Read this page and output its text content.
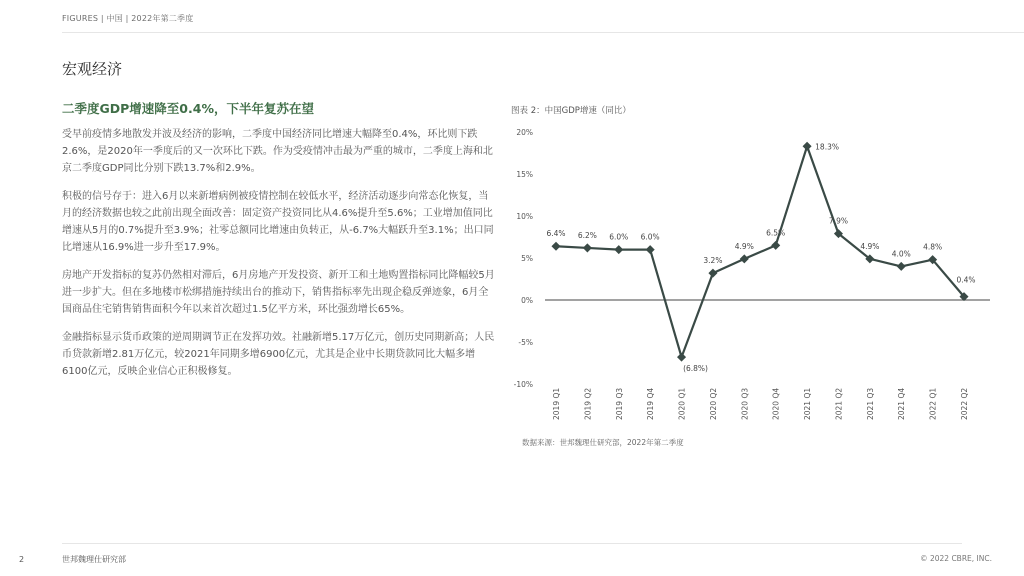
FIGURES | 中国 | 2022年第二季度
宏观经济
二季度GDP增速降至0.4%，下半年复苏在望

受早前疫情多地散发并波及经济的影响，二季度中国经济同比增速大幅降至0.4%，环比则下跌2.6%，是2020年一季度后的又一次环比下跌。作为受疫情冲击最为严重的城市，二季度上海和北京二季度GDP同比分别下跌13.7%和2.9%。

积极的信号存于：进入6月以来新增病例被疫情控制在较低水平，经济活动逐步向常态化恢复，当月的经济数据也较之此前出现全面改善：固定资产投资同比从4.6%提升至5.6%；工业增加值同比增速从5月的0.7%提升至3.9%；社零总额同比增速由负转正，从-6.7%大幅跃升至3.1%；出口同比增速从16.9%进一步升至17.9%。

房地产开发指标的复苏仍然相对滞后，6月房地产开发投资、新开工和土地购置指标同比降幅较5月进一步扩大。但在多地楼市松绑措施持续出台的推动下，销售指标率先出现企稳反弹迹象，6月全国商品住宅销售销售面积今年以来首次超过1.5亿平方米，环比强劲增长65%。

金融指标显示货币政策的逆周期调节正在发挥功效。社融新增5.17万亿元，创历史同期新高；人民币贷款新增2.81万亿元，较2021年同期多增6900亿元，尤其是企业中长期贷款同比大幅多增6100亿元，反映企业信心正积极修复。

图表 2：中国GDP增速（同比）
20%
15%
10%
5%
0%
-5%
-10%
6.4% 6.2% 6.0% 6.0%
(6.8%)
3.2%
4.9%
6.5%
18.3%
7.9%
4.9%
4.0%
4.8%
0.4%
2019 Q1	2019 Q2	2019 Q3	2019 Q4	2020 Q1	2020 Q2	2020 Q3	2020 Q4	2021 Q1	2021 Q2	2021 Q3	2021 Q4	2022 Q1	2022 Q2
数据来源：世邦魏理仕研究部，2022年第二季度
2	世邦魏理仕研究部	© 2022 CBRE, INC.
